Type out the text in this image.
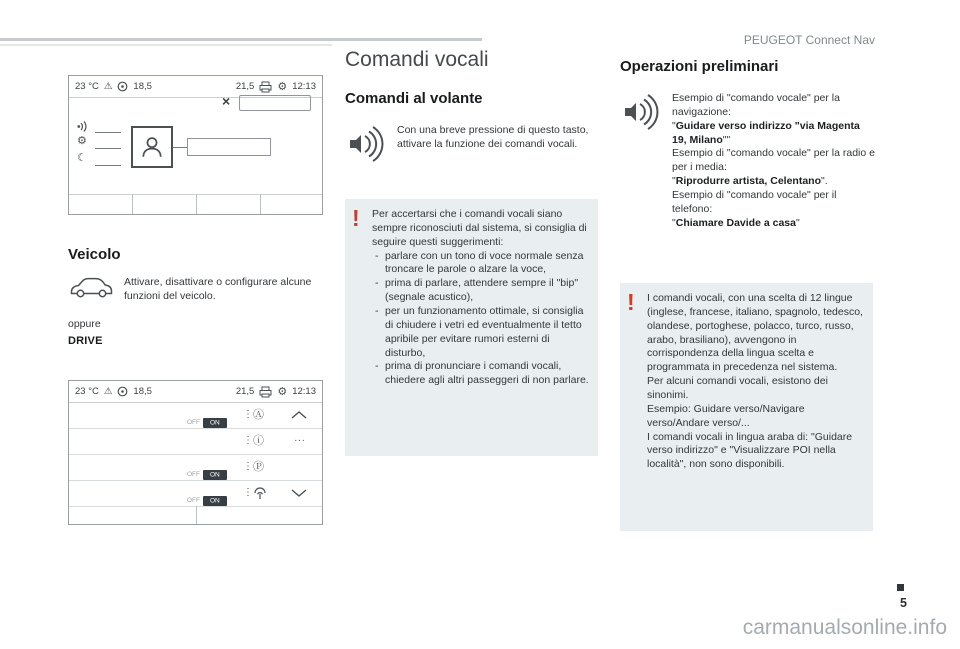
PEUGEOT Connect Nav
23 °C ⚠ 18,5	21,5 ⚙ 12:13
×
⚙
☾
Veicolo

Attivare, disattivare o configurare alcune funzioni del veicolo.

oppure
DRIVE
23 °C ⚠ 18,5	21,5 ⚙ 12:13
OFF ON
⋮ Ⓐ
⋮ ⓘ	...
OFF ON
⋮ Ⓟ
OFF ON
⋮
Comandi vocali
Comandi al volante

Con una breve pressione di questo tasto, attivare la funzione dei comandi vocali.

!	Per accertarsi che i comandi vocali siano sempre riconosciuti dal sistema, si consiglia di seguire questi suggerimenti:
- parlare con un tono di voce normale senza troncare le parole o alzare la voce,
- prima di parlare, attendere sempre il "bip" (segnale acustico),
- per un funzionamento ottimale, si consiglia di chiudere i vetri ed eventualmente il tetto apribile per evitare rumori esterni di disturbo,
- prima di pronunciare i comandi vocali, chiedere agli altri passeggeri di non parlare.
Operazioni preliminari
Esempio di "comando vocale" per la navigazione:
"Guidare verso indirizzo "via Magenta 19, Milano""
Esempio di "comando vocale" per la radio e per i media:
"Riprodurre artista, Celentano".
Esempio di "comando vocale" per il telefono:
"Chiamare Davide a casa"
!	I comandi vocali, con una scelta di 12 lingue (inglese, francese, italiano, spagnolo, tedesco, olandese, portoghese, polacco, turco, russo, arabo, brasiliano), avvengono in corrispondenza della lingua scelta e programmata in precedenza nel sistema.
Per alcuni comandi vocali, esistono dei sinonimi.
Esempio: Guidare verso/Navigare verso/Andare verso/...
I comandi vocali in lingua araba di: "Guidare verso indirizzo" e "Visualizzare POI nella località", non sono disponibili.
5
carmanualsonline.info
